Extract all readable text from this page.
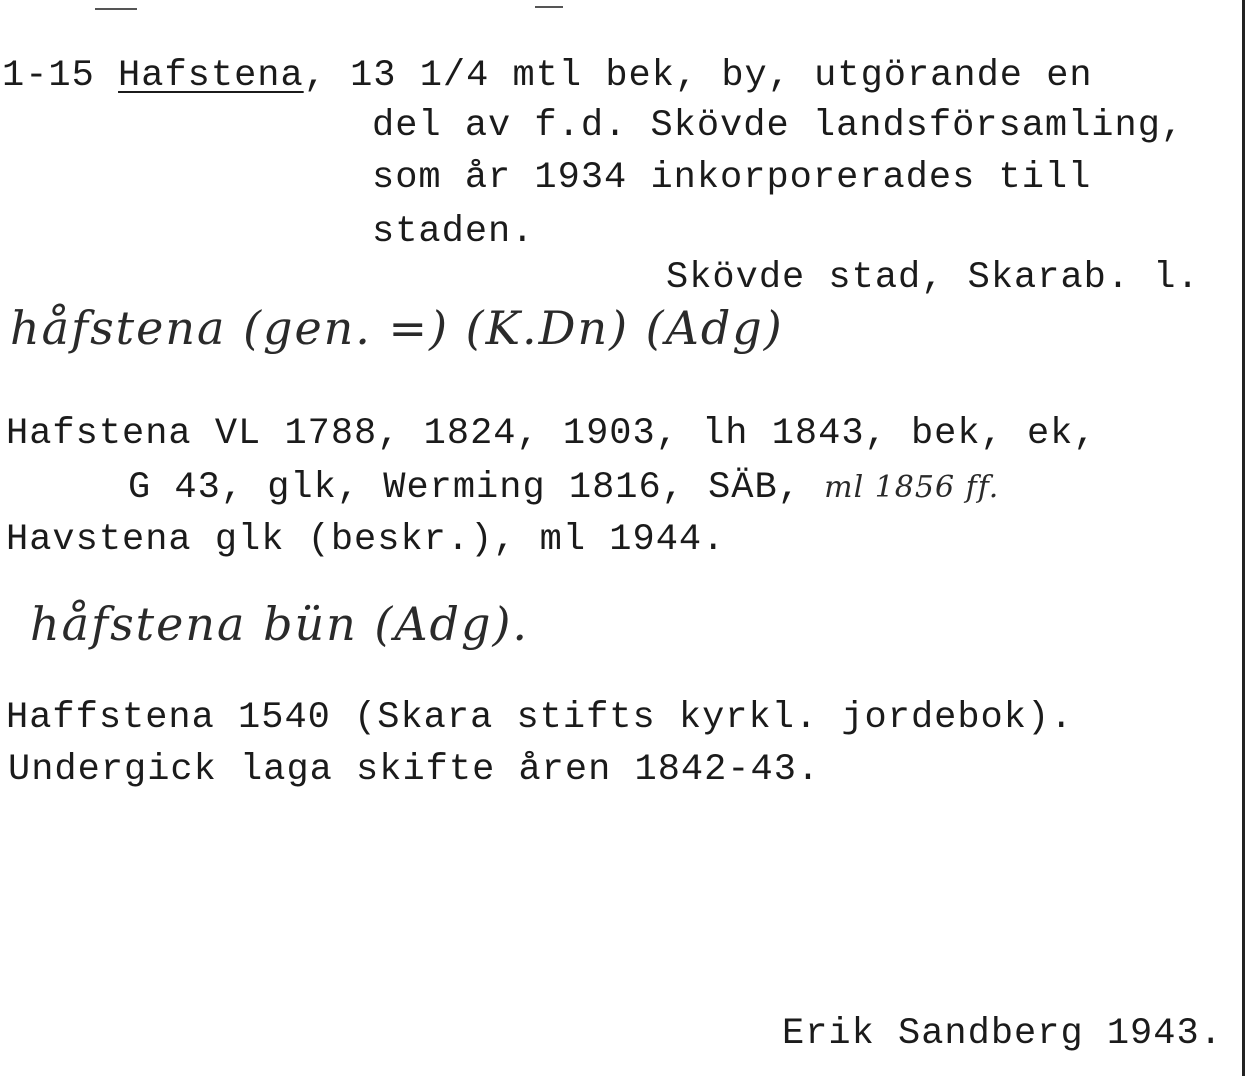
1-15 Hafstena, 13 1/4 mtl bek, by, utgörande en
del av f.d. Skövde landsförsamling,
som år 1934 inkorporerades till
staden.
Skövde stad, Skarab. l.
håfstena (gen. =) (K.Dn) (Adg)
Hafstena VL 1788, 1824, 1903, lh 1843, bek, ek,
G 43, glk, Werming 1816, SÄB, ml 1856 ff.
Havstena glk (beskr.), ml 1944.
håfstena bün (Adg).
Haffstena 1540 (Skara stifts kyrkl. jordebok).
Undergick laga skifte åren 1842-43.
Erik Sandberg 1943.
